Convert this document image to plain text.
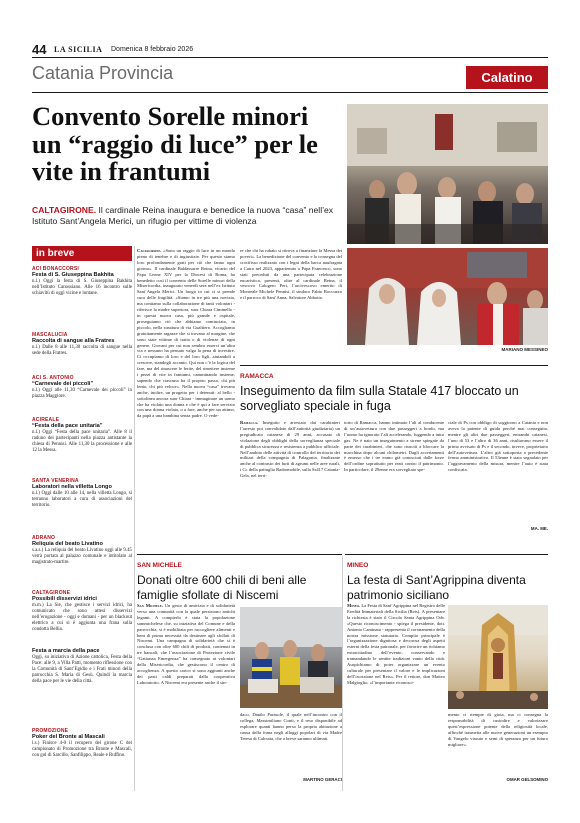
44 LA SICILIA Domenica 8 febbraio 2026
Catania Provincia	Calatino
Convento Sorelle minori un “raggio di luce” per le vite in frantumi
CALTAGIRONE. Il cardinale Reina inaugura e benedice la nuova “casa” nell’ex Istituto Sant’Angela Merici, un rifugio per vittime di violenza
MARIANO MESSINEO
Caltagirone. «Sono un raggio di luce in un mondo pieno di tenebre e di ingiustizie. Per questo siamo loro profondamente grati per ciò che fanno ogni giorno». Il cardinale Baldassarre Reina, vicario del Papa Leone XIV per la Diocesi di Roma, ha benedetto così il convento delle Sorelle minori della Misericordia, inaugurato venerdì sera nell’ex Istituto Sant’Angela Merici. Un luogo in cui ci si prende cura delle fragilità. «Siamo in tre più una novizia, ma contiamo sulla collaborazione di tanti volontari - riferisce la madre superiora, suor Chiara Ciminello - in questa nuova casa, più grande e ospitale, proseguiamo ciò che abbiamo cominciato, in piccolo, nella struttura di via Gualtiero. Accogliamo gratuitamente ragazze che si trovano al margine, che sono state vittime di tratta o di violenze di ogni genere. Giovani per cui non sembra esserci un’altra via e nessuno ha pensato valga la pena di investire. Ci occupiamo di loro e del loro figli, aiutandoli a crescere, standogli accanto. Qui non c’è la logica del fare, ma del rinascere le ferite, del rimettere insieme i pezzi di vite in frantumi, camminando insieme, sapendo che ciascuna ha il proprio passo, chi più lento, chi più veloce». Nella nuova “casa” trovano anche, inoltre, un progetto per i detenuti: al bello - sottolinea ancora suor Chiara - immaginare un uomo che ha violato una donna e che è qui a fare servizio con una donna violata, o a fare, anche per un attimo, da papà a una bambina senza padre. O vede-
re che chi ha rubato si ritrova a finanziare la Messa dei poveri». La benedizione del convento e la consegna del crocifisso realizzato con i legni della barca naufragata a Cutro nel 2023, appartenuto a Papa Francesco, sono stati preceduti da una partecipata celebrazione eucaristica, presenti, oltre al cardinale Reina, il vescovo Calogero Peri, l’arcivescovo emerito di Monreale Michele Pennisi, il sindaco Fabio Roccuzzo e il parroco di Sant’Anna, Salvatore Abbotto.
in breve
ACI BONACCORSI
Festa di S. Giuseppina Bakhita
n.l.) Oggi la festa di S. Giuseppina Bakhita nell’Istituto Canossiano. Alle 16 incontro sulle schiavitù di oggi vicine e lontane.
MASCALUCIA
Raccolta di sangue alla Fratres
n.l.) Dalle 8 alle 11,30 raccolta di sangue nella sede della Fratres.
ACI S. ANTONIO
“Carnevale dei piccoli”
n.l.) Oggi alle 11,30 “Carnevale dei piccoli” in piazza Maggiore.
ACIREALE
“Festa della pace unitaria”
n.l.) Oggi “Festa della pace unitaria”. Alle 8 il raduno dei partecipanti nella piazza antistante la chiesa di Pennisi. Alle 11,30 la processione e alle 12 la Messa.
SANTA VENERINA
Laboratori nella villetta Longo
n.l.) Oggi dalle 10 alle 14, nella villetta Longo, si terranno laboratori a cura di associazioni del territorio.
ADRANO
Reliquia del beato Livatino
s.a.s.) La reliquia del beato Livatino oggi alle 9.45 verrà portata al palazzo comunale e intitolato al magistrato-martire.
CALTAGIRONE
Possibili disservizi idrici
m.m.) La Sie, che gestisce i servizi idrici, ha comunicato che sono attesi disservizi nell’erogazione - oggi e domani - per un blackout elettrico a cui si è aggiunta una frana sulla condotta Bellia.
Festa a marcia della pace
Oggi, su iniziativa di Azione cattolica, Festa della Pace: alle 9, a Villa Patti, momento riflessione con la Comunità di Sant’Egidio e i Frati minori della parrocchia S. Maria di Gesù. Quindi la marcia della pace per le vie della città.
PROMOZIONE
Poker del Bronte al Mascali
l.s.) Finisce 4-0 il recupero del girone C del campionato di Promozione tra Bronte e Mascali, con gol di Sarcillo, Sanfilippo, Reale e Ruffino.
RAMACCA
Inseguimento da film sulla Statale 417 bloccato un sorvegliato speciale in fuga
Ramacca. Inseguito e arrestato dai carabinieri l’arresto poi convalidato dall’autorità giudiziaria) un pregiudicato catanese di 29 anni, accusato di violazione degli obblighi della sorveglianza speciale di pubblica sicurezza e resistenza a pubblico ufficiale. Nell’ambito delle attività di controllo del territorio dei militari della compagnia di Palagonia, finalizzate anche al contrasto dei furti di agrumi nelle aree rurali, i Cc della pattuglia Radiomobile, sulla Ss417 Catania-Gela, nel terri-
torio di Ramacca, hanno intimato l’alt al conducente di un’autovettura con due passeggeri a bordo, ma l’uomo ha ignorato l’alt accelerando, fuggendo a tutto gas. Ne è nato un inseguimento a sirene spiegate da parte dei carabinieri, che sono riusciti a bloccare la macchina dopo alcuni chilometri. Dagli accertamenti è emerso che i tre erano già conosciuti dalle forze dell’ordine soprattutto per reati contro il patrimonio. In particolare, il 29enne era sorvegliato spe-
ciale di Ps con obbligo di soggiorno a Catania e non aveva la patente di guida perché mai conseguita, mentre gli altri due passeggeri, entrambi catanesi, l’uno di 53 e l’altro di 36 anni, risultavano essere il primo avvisato di Ps e il secondo, invece, proprietario dell’autovettura. L’altro già sottoposta a precedente fermo amministrativo. Il 53enne è stato segnalato per l’aggravamento della misura, mentre l’auto è stata confiscata.
MA. ME.
SAN MICHELE
Donati oltre 600 chili di beni alle famiglie sfollate di Niscemi
San Michele. Un gesto di amicizia e di solidarietà verso una comunità con la quale persistono antichi legami. A compierlo è stata la popolazione sammichelese che, su iniziativa del Comune e della parrocchia, si è mobilitata per raccogliere alimenti e beni di prima necessità da destinare agli sfollati di Niscemi. Una campagna di solidarietà che si è conclusa con oltre 600 chili di prodotti, contenuti in tre bancali, che l’associazione di Protezione civile “Gattonaa Emergenza” ha consegnato ai volontari della Misericordia, che gestiscono il centro di accoglienza. A questo carico si sono aggiunti anche dei pasti caldi preparati dalla cooperativa Laboratorio. A Niscemi era presente anche il sin-
daco, Danilo Parasole, il quale nell’incontro con il collega, Massimiliano Conti, e il reso disponibile ad esplorare quanti hanno perso la propria abitazione a causa della frana negli alloggi popolari di via Madre Teresa di Calcutta, che a breve saranno ultimati.
MARTINO GERACI
MINEO
La festa di Sant’Agrippina diventa patrimonio siciliano
Mineo. La Festa di Sant’Agrippina nel Registro delle Eredità Immateriali della Sicilia (Reis). A presentare la richiesta è stato il Circolo Santa Agrippina Odv. «Questo riconoscimento - spiega il presidente, dott. Antonio Caminata - rappresenta il coronamento della nostra missione statutaria. Compito principale è l’organizzazione dignitosa e decorosa degli aspetti esterni della festa patronale, per favorire un richiamo extracittadino dell’evento, conservando e tramandando le sentite tradizioni vanto della città. Auspichiamo di poter organizzare un evento culturale per presentare il valore e le implicazioni dell’iscrizione nel Reis». Per il rettore, don Matteo Malgioglio, «l’importante riconosci-
mento ci riempie di gioia, ma ci consegna la responsabilità di custodire e valorizzare quest’espressione potente della religiosità locale, affinché trasmetta alle nuove generazioni un esempio di Vangelo vissuto e semi di speranza per un futuro migliore».
OMAR GELSOMINO
